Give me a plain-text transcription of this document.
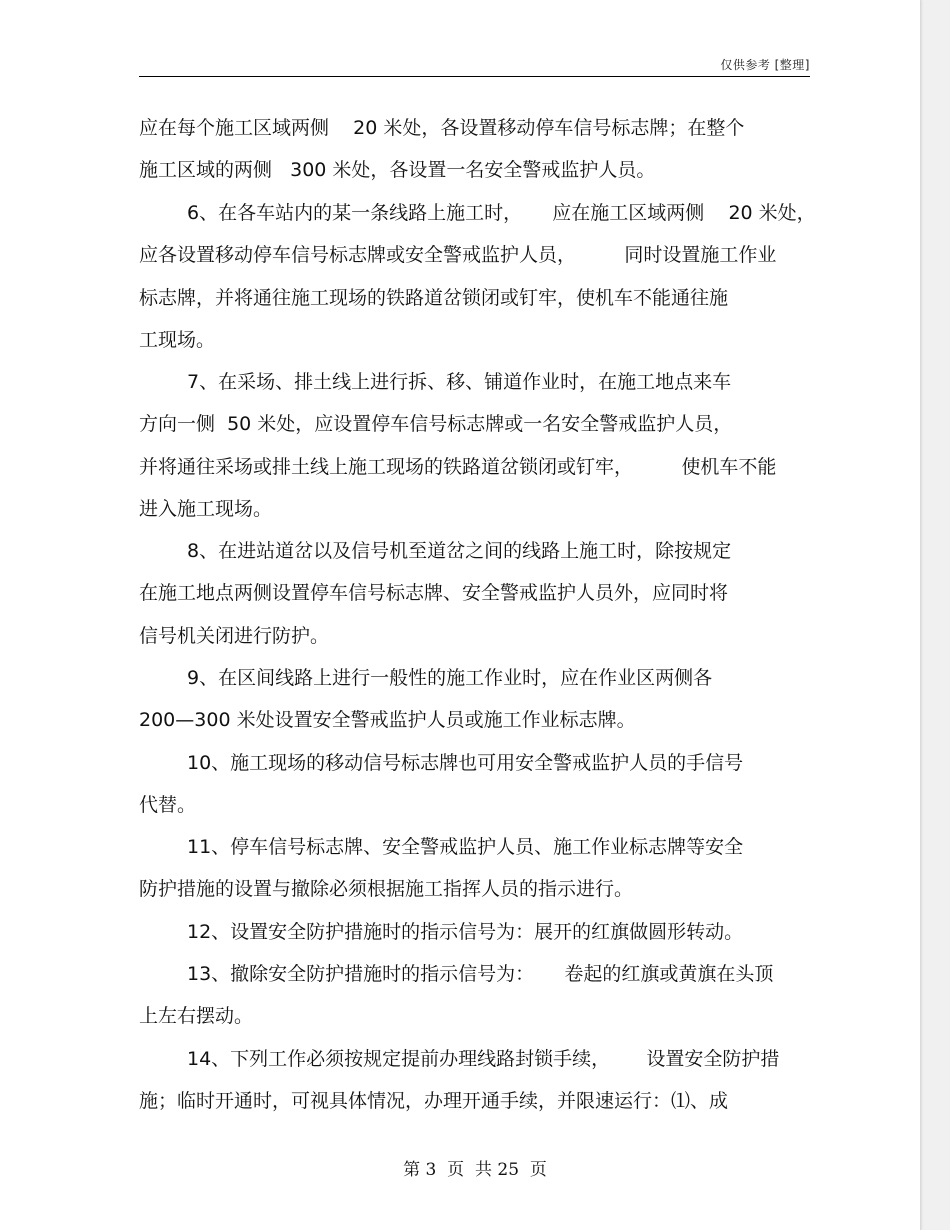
仅供参考 [整理]
应在每个施工区域两侧    20 米处，各设置移动停车信号标志牌；在整个
施工区域的两侧   300 米处，各设置一名安全警戒监护人员。
6、在各车站内的某一条线路上施工时，     应在施工区域两侧    20 米处，
应各设置移动停车信号标志牌或安全警戒监护人员，        同时设置施工作业
标志牌，并将通往施工现场的铁路道岔锁闭或钉牢，使机车不能通往施
工现场。
7、在采场、排土线上进行拆、移、铺道作业时，在施工地点来车
方向一侧  50 米处，应设置停车信号标志牌或一名安全警戒监护人员，
并将通往采场或排土线上施工现场的铁路道岔锁闭或钉牢，        使机车不能
进入施工现场。
8、在进站道岔以及信号机至道岔之间的线路上施工时，除按规定
在施工地点两侧设置停车信号标志牌、安全警戒监护人员外，应同时将
信号机关闭进行防护。
9、在区间线路上进行一般性的施工作业时，应在作业区两侧各
200—300 米处设置安全警戒监护人员或施工作业标志牌。
10、施工现场的移动信号标志牌也可用安全警戒监护人员的手信号
代替。
11、停车信号标志牌、安全警戒监护人员、施工作业标志牌等安全
防护措施的设置与撤除必须根据施工指挥人员的指示进行。
12、设置安全防护措施时的指示信号为：展开的红旗做圆形转动。
13、撤除安全防护措施时的指示信号为：     卷起的红旗或黄旗在头顶
上左右摆动。
14、下列工作必须按规定提前办理线路封锁手续，      设置安全防护措
施；临时开通时，可视具体情况，办理开通手续，并限速运行：⑴、成
第 3  页  共 25  页
